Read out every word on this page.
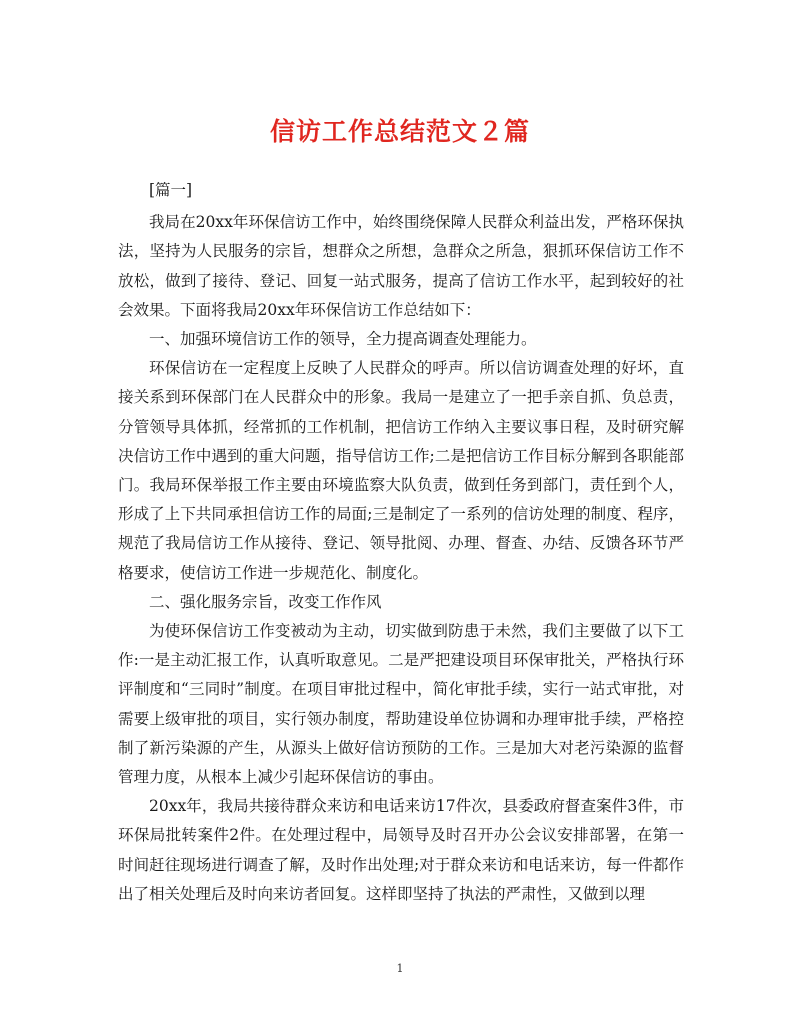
信访工作总结范文２篇

[篇一]

我局在20xx年环保信访工作中，始终围绕保障人民群众利益出发，严格环保执法，坚持为人民服务的宗旨，想群众之所想，急群众之所急，狠抓环保信访工作不放松，做到了接待、登记、回复一站式服务，提高了信访工作水平，起到较好的社会效果。下面将我局20xx年环保信访工作总结如下：

一、加强环境信访工作的领导，全力提高调查处理能力。

环保信访在一定程度上反映了人民群众的呼声。所以信访调查处理的好坏，直接关系到环保部门在人民群众中的形象。我局一是建立了一把手亲自抓、负总责，分管领导具体抓，经常抓的工作机制，把信访工作纳入主要议事日程，及时研究解决信访工作中遇到的重大问题，指导信访工作;二是把信访工作目标分解到各职能部门。我局环保举报工作主要由环境监察大队负责，做到任务到部门，责任到个人，形成了上下共同承担信访工作的局面;三是制定了一系列的信访处理的制度、程序，规范了我局信访工作从接待、登记、领导批阅、办理、督查、办结、反馈各环节严格要求，使信访工作进一步规范化、制度化。

二、强化服务宗旨，改变工作作风

为使环保信访工作变被动为主动，切实做到防患于未然，我们主要做了以下工作:一是主动汇报工作，认真听取意见。二是严把建设项目环保审批关，严格执行环评制度和“三同时”制度。在项目审批过程中，简化审批手续，实行一站式审批，对需要上级审批的项目，实行领办制度，帮助建设单位协调和办理审批手续，严格控制了新污染源的产生，从源头上做好信访预防的工作。三是加大对老污染源的监督管理力度，从根本上减少引起环保信访的事由。

20xx年，我局共接待群众来访和电话来访17件次，县委政府督查案件3件，市环保局批转案件2件。在处理过程中，局领导及时召开办公会议安排部署，在第一时间赶往现场进行调查了解，及时作出处理;对于群众来访和电话来访，每一件都作出了相关处理后及时向来访者回复。这样即坚持了执法的严肃性，又做到以理

1
